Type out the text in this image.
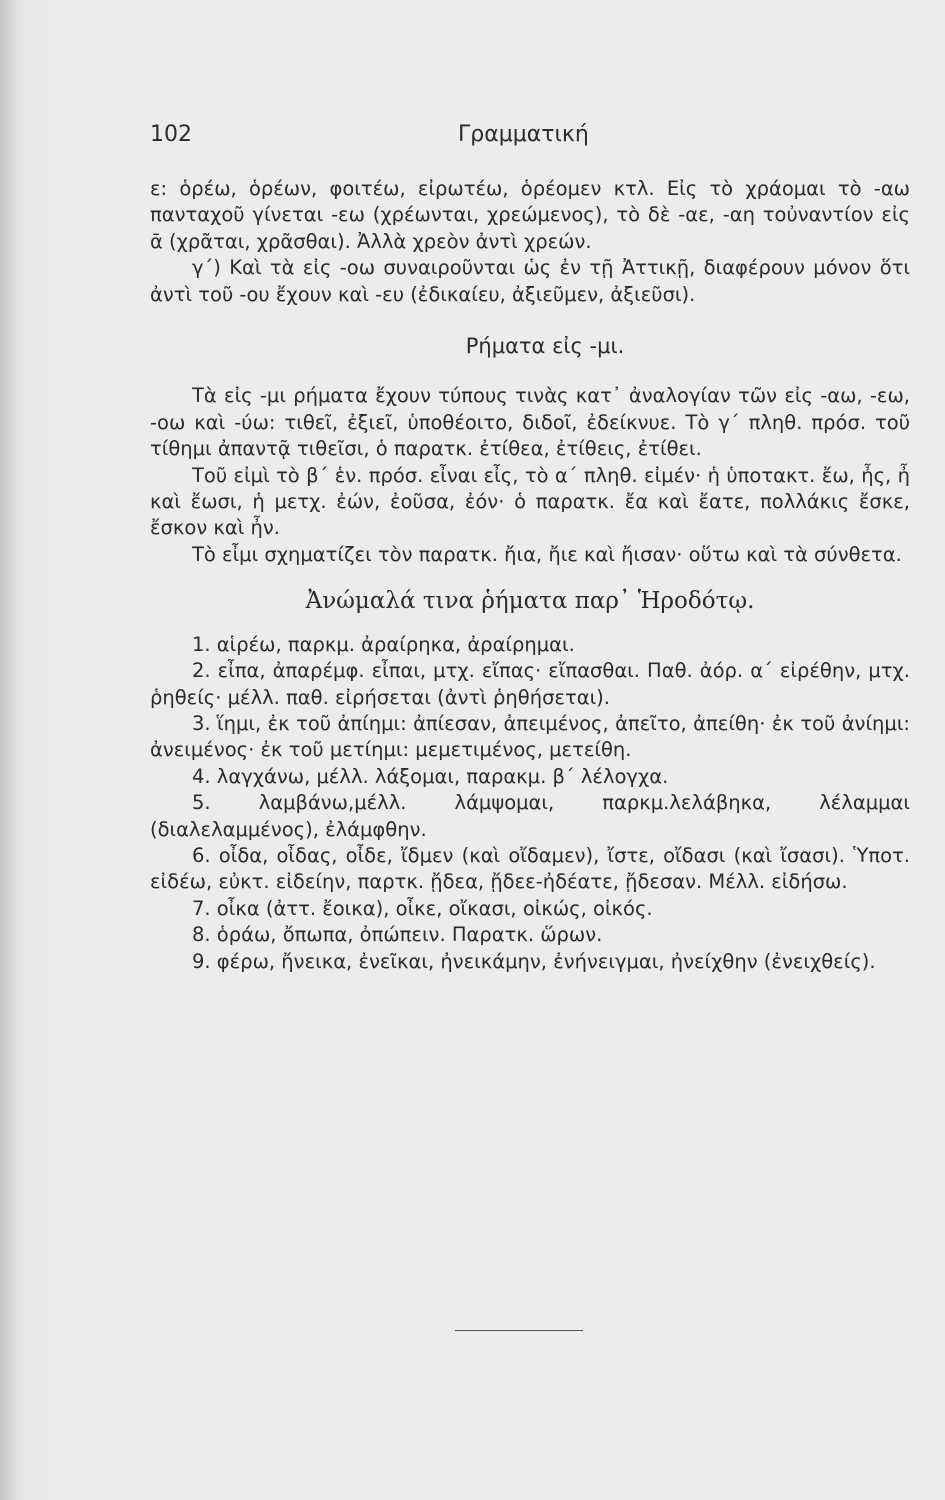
102	Γραμματική

ε: ὁρέω, ὁρέων, φοιτέω, εἰρωτέω, ὁρέομεν κτλ. Εἰς τὸ χράομαι τὸ -αω πανταχοῦ γίνεται -εω (χρέωνται, χρεώμενος), τὸ δὲ -αε, -αη τοὐναντίον εἰς ᾱ (χρᾶται, χρᾶσθαι). Ἀλλὰ χρεὸν ἀντὶ χρεών.

γ´) Καὶ τὰ εἰς -οω συναιροῦνται ὡς ἐν τῇ Ἀττικῇ, διαφέρουν μόνον ὅτι ἀντὶ τοῦ -ου ἔχουν καὶ -ευ (ἐδικαίευ, ἀξιεῦμεν, ἀξιεῦσι).

Ρήματα εἰς -μι.

Τὰ εἰς -μι ρήματα ἔχουν τύπους τινὰς κατ᾽ ἀναλογίαν τῶν εἰς -αω, -εω, -οω καὶ -ύω: τιθεῖ, ἐξιεῖ, ὑποθέοιτο, διδοῖ, ἐδείκνυε. Τὸ γ´ πληθ. πρόσ. τοῦ τίθημι ἀπαντᾷ τιθεῖσι, ὁ παρατκ. ἐτίθεα, ἐτίθεις, ἐτίθει.

Τοῦ εἰμὶ τὸ β´ ἑν. πρόσ. εἶναι εἶς, τὸ α´ πληθ. εἰμέν· ἡ ὑποτακτ. ἔω, ἦς, ἦ καὶ ἔωσι, ἡ μετχ. ἐών, ἐοῦσα, ἐόν· ὁ παρατκ. ἔα καὶ ἔατε, πολλάκις ἔσκε, ἔσκον καὶ ἦν.

Τὸ εἶμι σχηματίζει τὸν παρατκ. ἤια, ἤιε καὶ ἤισαν· οὕτω καὶ τὰ σύνθετα.

Ἀνώμαλά τινα ῥήματα παρ᾽ Ἡροδότῳ.

1. αἱρέω, παρκμ. ἀραίρηκα, ἀραίρημαι.

2. εἶπα, ἀπαρέμφ. εἶπαι, μτχ. εἴπας· εἴπασθαι. Παθ. ἀόρ. α´ εἰρέθην, μτχ. ῥηθείς· μέλλ. παθ. εἰρήσεται (ἀντὶ ῥηθήσεται).

3. ἵημι, ἐκ τοῦ ἀπίημι: ἀπίεσαν, ἀπειμένος, ἀπεῖτο, ἀπείθη· ἐκ τοῦ ἀνίημι: ἀνειμένος· ἐκ τοῦ μετίημι: μεμετιμένος, μετείθη.

4. λαγχάνω, μέλλ. λάξομαι, παρακμ. β´ λέλογχα.

5. λαμβάνω,μέλλ. λάμψομαι, παρκμ.λελάβηκα, λέλαμμαι (διαλελαμμένος), ἐλάμφθην.

6. οἶδα, οἶδας, οἶδε, ἴδμεν (καὶ οἴδαμεν), ἴστε, οἴδασι (καὶ ἴσασι). Ὑποτ. εἰδέω, εὐκτ. εἰδείην, παρτκ. ᾔδεα, ᾔδεε-ἠδέατε, ᾔδεσαν. Μέλλ. εἰδήσω.

7. οἶκα (ἀττ. ἔοικα), οἶκε, οἴκασι, οἰκώς, οἰκός.

8. ὁράω, ὄπωπα, ὀπώπειν. Παρατκ. ὥρων.

9. φέρω, ἤνεικα, ἐνεῖκαι, ἠνεικάμην, ἐνήνειγμαι, ἠνείχθην (ἐνειχθείς).
